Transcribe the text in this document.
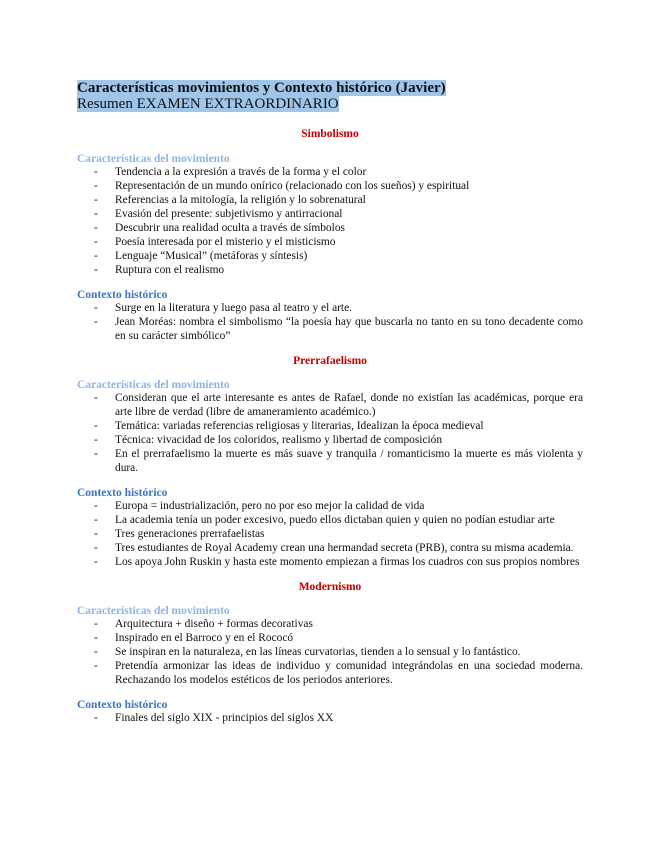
Características movimientos y Contexto histórico (Javier)
Resumen EXAMEN EXTRAORDINARIO
Simbolismo
Características del movimiento
- Tendencia a la expresión a través de la forma y el color
- Representación de un mundo onírico (relacionado con los sueños) y espiritual
- Referencias a la mitología, la religión y lo sobrenatural
- Evasión del presente: subjetivismo y antirracional
- Descubrir una realidad oculta a través de símbolos
- Poesía interesada por el misterio y el misticismo
- Lenguaje “Musical” (metáforas y síntesis)
- Ruptura con el realismo
Contexto histórico
- Surge en la literatura y luego pasa al teatro y el arte.
- Jean Moréas: nombra el simbolismo “la poesía hay que buscarla no tanto en su tono decadente como en su carácter simbólico”
Prerrafaelismo
Características del movimiento
- Consideran que el arte interesante es antes de Rafael, donde no existían las académicas, porque era arte libre de verdad (libre de amaneramiento académico.)
- Temática: variadas referencias religiosas y literarias, Idealizan la época medieval
- Técnica: vivacidad de los coloridos, realismo y libertad de composición
- En el prerrafaelismo la muerte es más suave y tranquila / romanticismo la muerte es más violenta y dura.
Contexto histórico
- Europa = industrialización, pero no por eso mejor la calidad de vida
- La academia tenía un poder excesivo, puedo ellos dictaban quien y quien no podían estudiar arte
- Tres generaciones prerrafaelistas
- Tres estudiantes de Royal Academy crean una hermandad secreta (PRB), contra su misma academia.
- Los apoya John Ruskin y hasta este momento empiezan a firmas los cuadros con sus propios nombres
Modernismo
Características del movimiento
- Arquitectura + diseño + formas decorativas
- Inspirado en el Barroco y en el Rococó
- Se inspiran en la naturaleza, en las líneas curvatorias, tienden a lo sensual y lo fantástico.
- Pretendía armonizar las ideas de individuo y comunidad integrándolas en una sociedad moderna. Rechazando los modelos estéticos de los periodos anteriores.
Contexto histórico
- Finales del siglo XIX - principios del siglos XX
